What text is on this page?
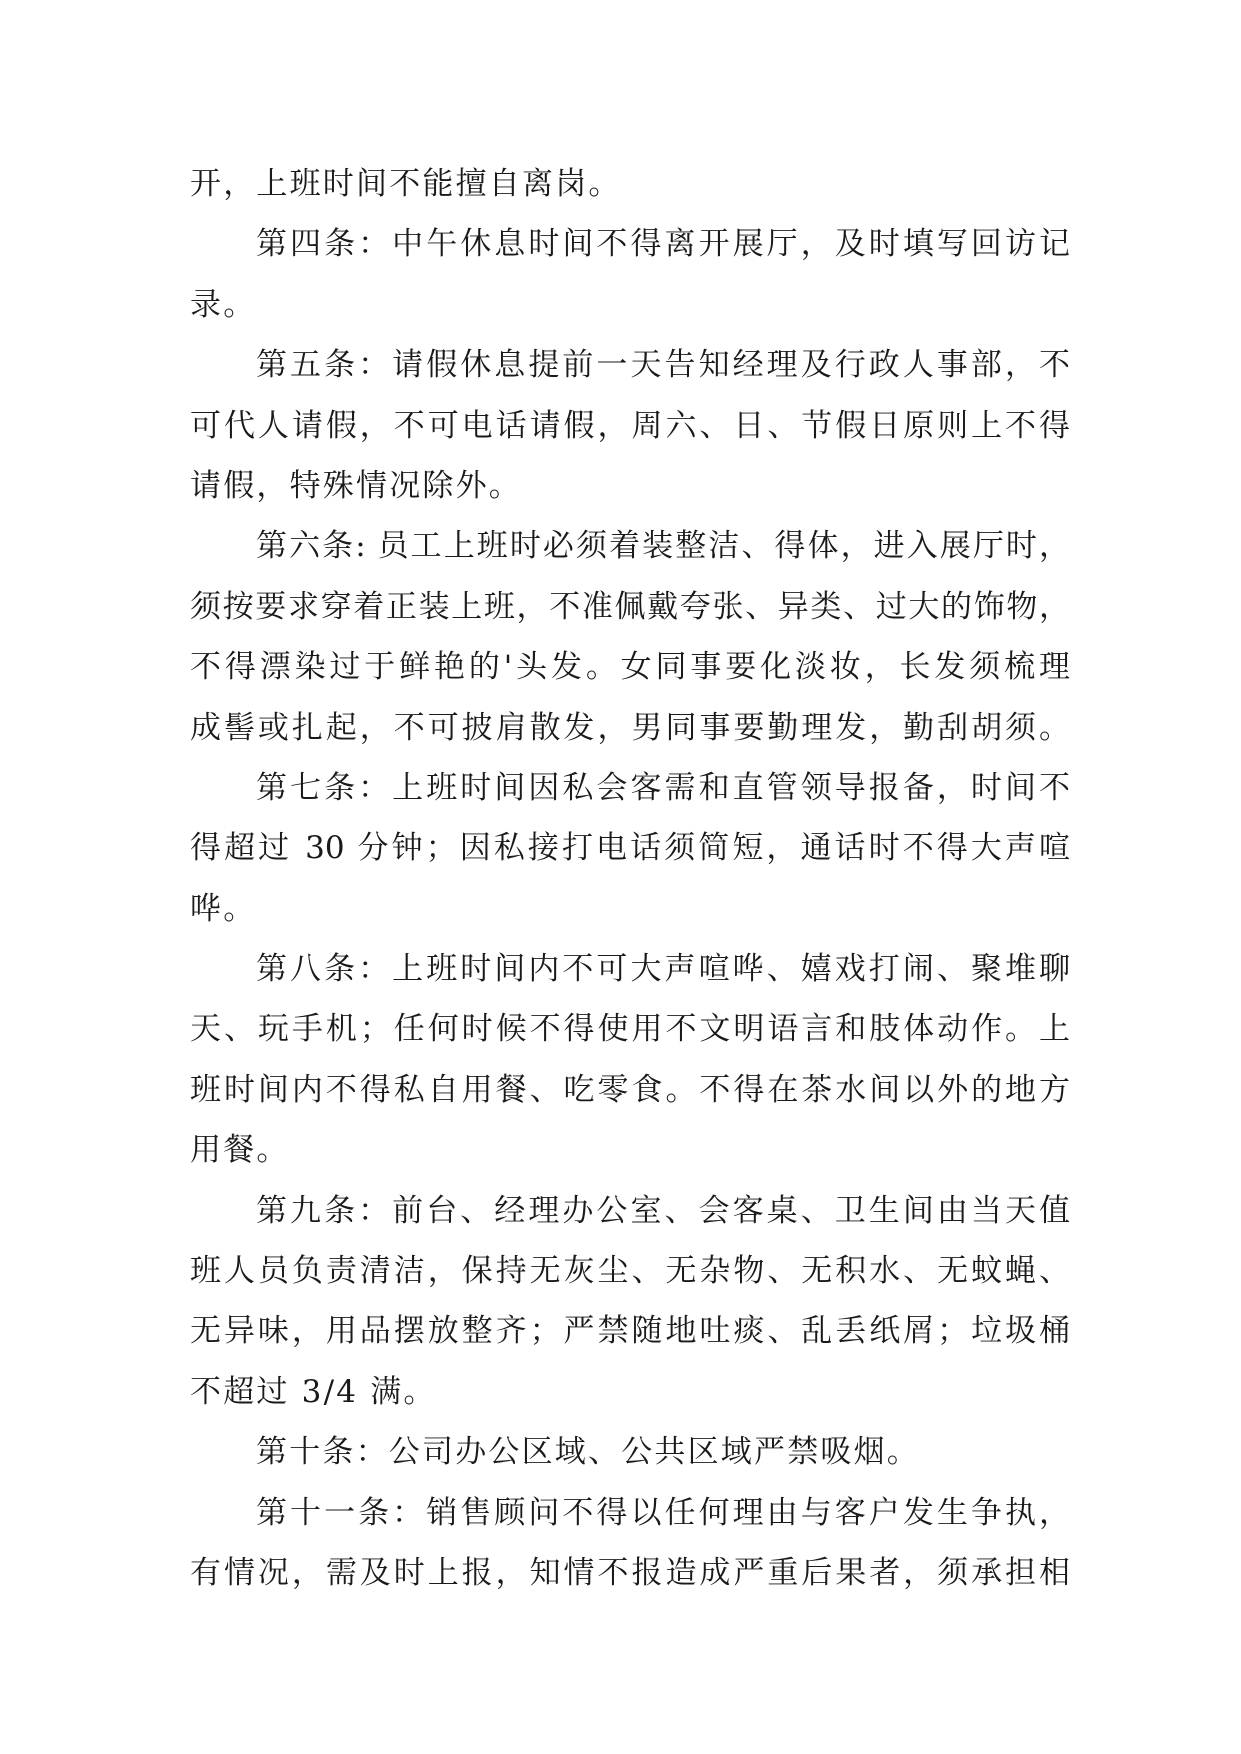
开，上班时间不能擅自离岗。
第四条：中午休息时间不得离开展厅，及时填写回访记
录。
第五条：请假休息提前一天告知经理及行政人事部，不
可代人请假，不可电话请假，周六、日、节假日原则上不得
请假，特殊情况除外。
第六条: 员工上班时必须着装整洁、得体，进入展厅时，
须按要求穿着正装上班，不准佩戴夸张、异类、过大的饰物，
不得漂染过于鲜艳的'头发。女同事要化淡妆，长发须梳理
成髻或扎起，不可披肩散发，男同事要勤理发，勤刮胡须。
第七条：上班时间因私会客需和直管领导报备，时间不
得超过 30 分钟；因私接打电话须简短，通话时不得大声喧
哗。
第八条：上班时间内不可大声喧哗、嬉戏打闹、聚堆聊
天、玩手机；任何时候不得使用不文明语言和肢体动作。上
班时间内不得私自用餐、吃零食。不得在茶水间以外的地方
用餐。
第九条：前台、经理办公室、会客桌、卫生间由当天值
班人员负责清洁，保持无灰尘、无杂物、无积水、无蚊蝇、
无异味，用品摆放整齐；严禁随地吐痰、乱丢纸屑；垃圾桶
不超过 3/4 满。
第十条：公司办公区域、公共区域严禁吸烟。
第十一条：销售顾问不得以任何理由与客户发生争执，
有情况，需及时上报，知情不报造成严重后果者，须承担相
